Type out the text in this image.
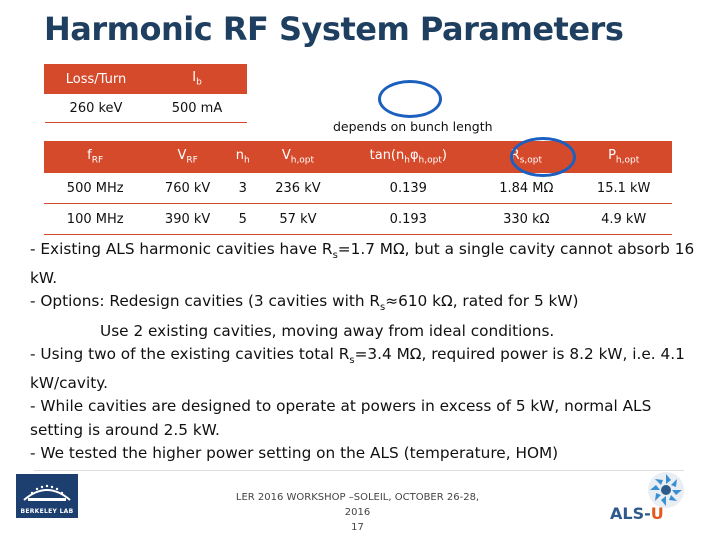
Harmonic RF System Parameters
Loss/Turn	$I_b$
260 keV	500 mA
depends on bunch length
$f_{RF}$	$V_{RF}$	$n_h$	$V_{h,opt}$	$\tan(n_h\varphi_{h,opt})$	$R_{s,opt}$	$P_{h,opt}$
500 MHz	760 kV	3	236 kV	0.139	1.84 MΩ	15.1 kW
100 MHz	390 kV	5	57 kV	0.193	330 kΩ	4.9 kW

- Existing ALS harmonic cavities have $R_s=1.7$ MΩ, but a single cavity cannot absorb 16 kW.

- Options: Redesign cavities (3 cavities with $R_s\approx 610$ kΩ, rated for 5 kW)

Use 2 existing cavities, moving away from ideal conditions.

- Using two of the existing cavities total $R_s=3.4$ MΩ, required power is 8.2 kW, i.e. 4.1 kW/cavity.

- While cavities are designed to operate at powers in excess of 5 kW, normal ALS setting is around 2.5 kW.

- We tested the higher power setting on the ALS (temperature, HOM)

BERKELEY LAB
LER 2016 WORKSHOP –SOLEIL, OCTOBER 26-28, 2016
17
ALS-U
